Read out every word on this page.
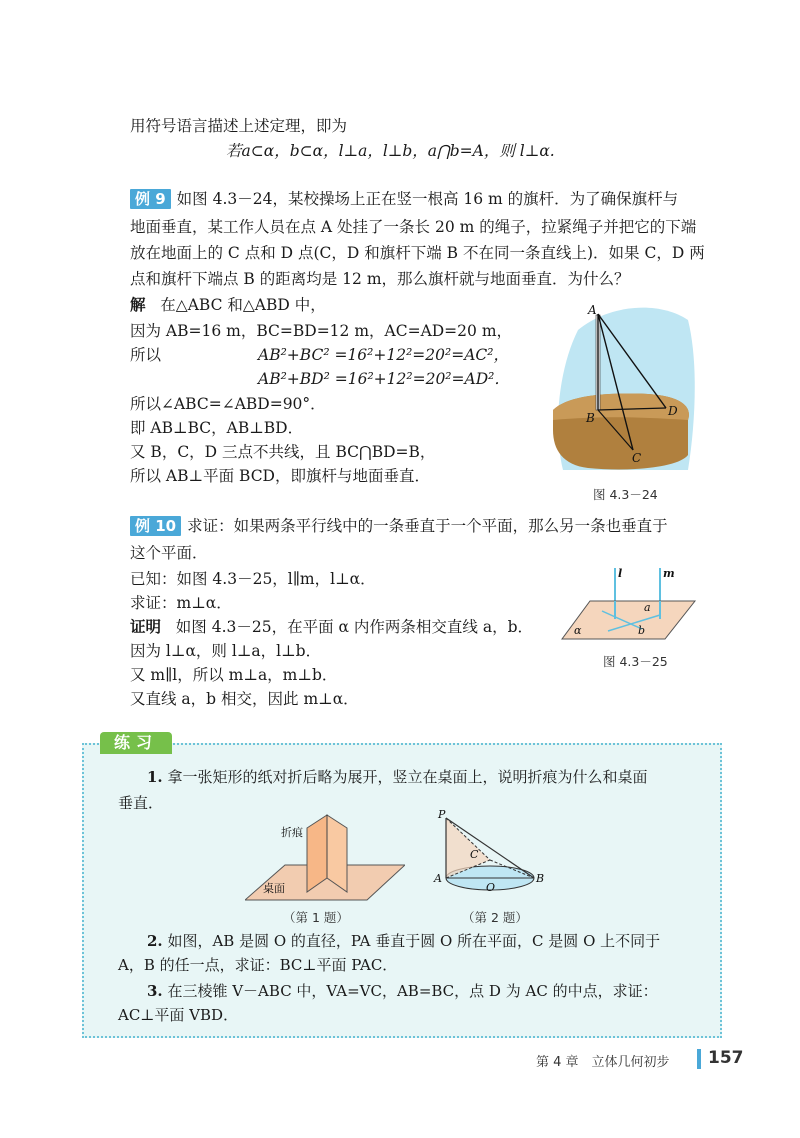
用符号语言描述上述定理，即为
若a⊂α，b⊂α，l⊥a，l⊥b，a⋂b=A，则 l⊥α.
例 9 如图 4.3－24，某校操场上正在竖一根高 16 m 的旗杆．为了确保旗杆与
地面垂直，某工作人员在点 A 处挂了一条长 20 m 的绳子，拉紧绳子并把它的下端
放在地面上的 C 点和 D 点(C，D 和旗杆下端 B 不在同一条直线上)．如果 C，D 两
点和旗杆下端点 B 的距离均是 12 m，那么旗杆就与地面垂直．为什么？
解 在△ABC 和△ABD 中，
因为 AB=16 m，BC=BD=12 m，AC=AD=20 m，
所以	AB²+BC² =16²+12²=20²=AC²，
AB²+BD² =16²+12²=20²=AD²．
所以∠ABC=∠ABD=90°．
即 AB⊥BC，AB⊥BD．
又 B，C，D 三点不共线，且 BC⋂BD=B，
所以 AB⊥平面 BCD，即旗杆与地面垂直．
A
B	D
C
图 4.3－24
例 10 求证：如果两条平行线中的一条垂直于一个平面，那么另一条也垂直于
这个平面．
已知：如图 4.3－25，l∥m，l⊥α．
求证：m⊥α．
证明 如图 4.3－25，在平面 α 内作两条相交直线 a，b．
因为 l⊥α，则 l⊥a，l⊥b．
又 m∥l，所以 m⊥a，m⊥b．
又直线 a，b 相交，因此 m⊥α．
l	m
a
b
α
图 4.3－25
练习
1. 拿一张矩形的纸对折后略为展开，竖立在桌面上，说明折痕为什么和桌面
垂直．
折痕
桌面
（第 1 题）
P
C
A
O
B
（第 2 题）
2. 如图，AB 是圆 O 的直径，PA 垂直于圆 O 所在平面，C 是圆 O 上不同于
A，B 的任一点，求证：BC⊥平面 PAC．
3. 在三棱锥 V－ABC 中，VA=VC，AB=BC，点 D 为 AC 的中点，求证：
AC⊥平面 VBD．
第 4 章　立体几何初步 157
